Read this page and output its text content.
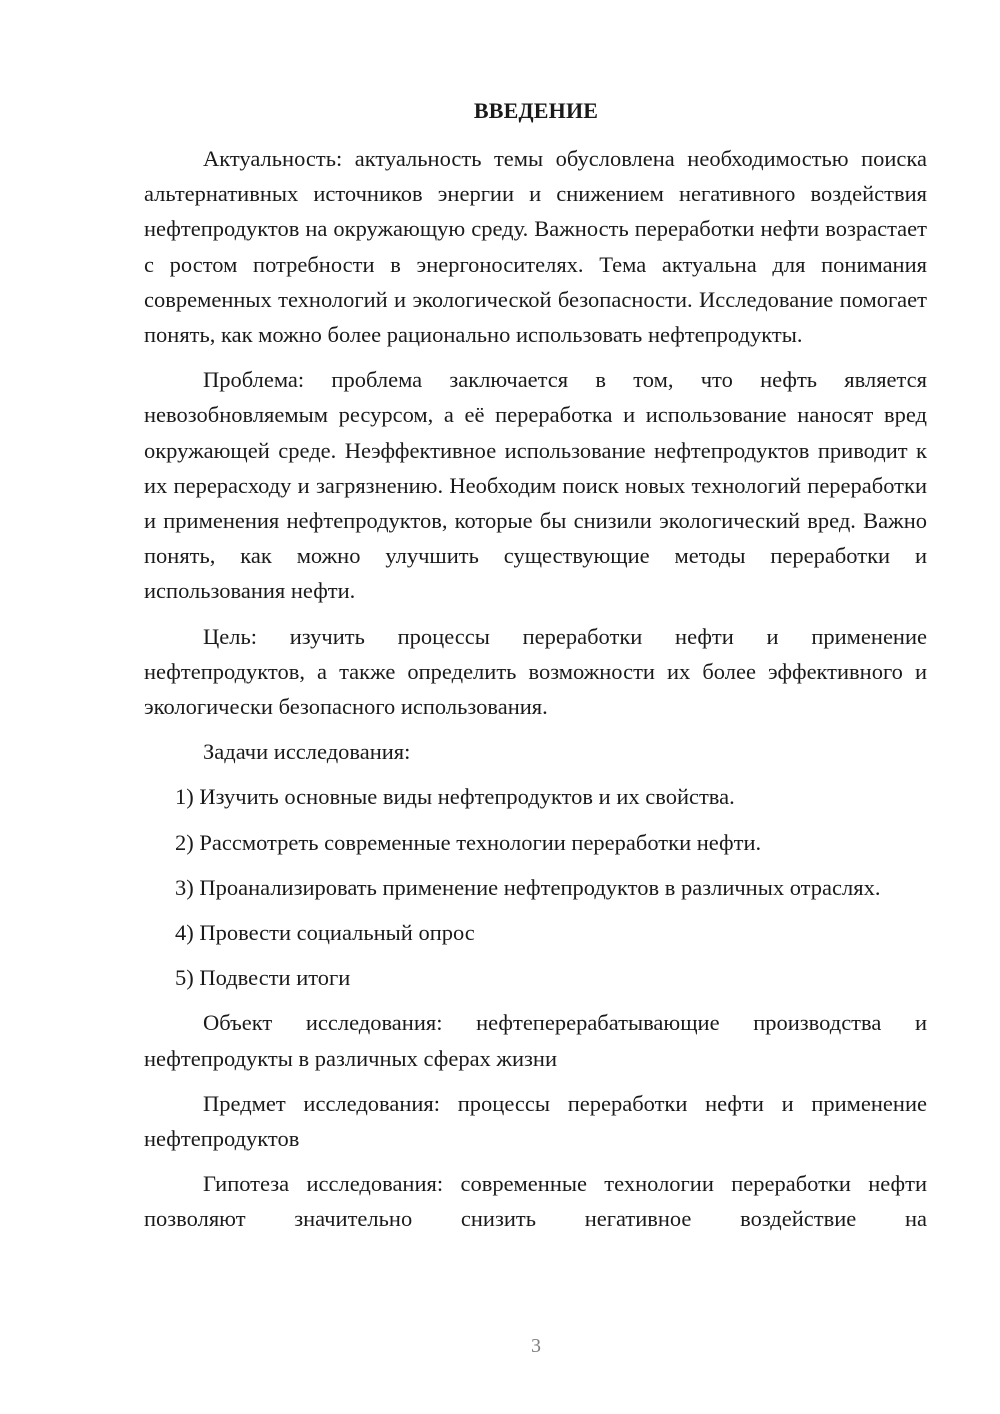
ВВЕДЕНИЕ

Актуальность: актуальность темы обусловлена необходимостью поиска альтернативных источников энергии и снижением негативного воздействия нефтепродуктов на окружающую среду. Важность переработки нефти возрастает с ростом потребности в энергоносителях. Тема актуальна для понимания современных технологий и экологической безопасности. Исследование помогает понять, как можно более рационально использовать нефтепродукты.

Проблема: проблема заключается в том, что нефть является невозобновляемым ресурсом, а её переработка и использование наносят вред окружающей среде. Неэффективное использование нефтепродуктов приводит к их перерасходу и загрязнению. Необходим поиск новых технологий переработки и применения нефтепродуктов, которые бы снизили экологический вред. Важно понять, как можно улучшить существующие методы переработки и использования нефти.

Цель: изучить процессы переработки нефти и применение нефтепродуктов, а также определить возможности их более эффективного и экологически безопасного использования.

Задачи исследования:

1) Изучить основные виды нефтепродуктов и их свойства.

2) Рассмотреть современные технологии переработки нефти.

3) Проанализировать применение нефтепродуктов в различных отраслях.

4) Провести социальный опрос

5) Подвести итоги

Объект исследования: нефтеперерабатывающие производства и нефтепродукты в различных сферах жизни

Предмет исследования: процессы переработки нефти и применение нефтепродуктов

Гипотеза исследования: современные технологии переработки нефти позволяют значительно снизить негативное воздействие на

3
